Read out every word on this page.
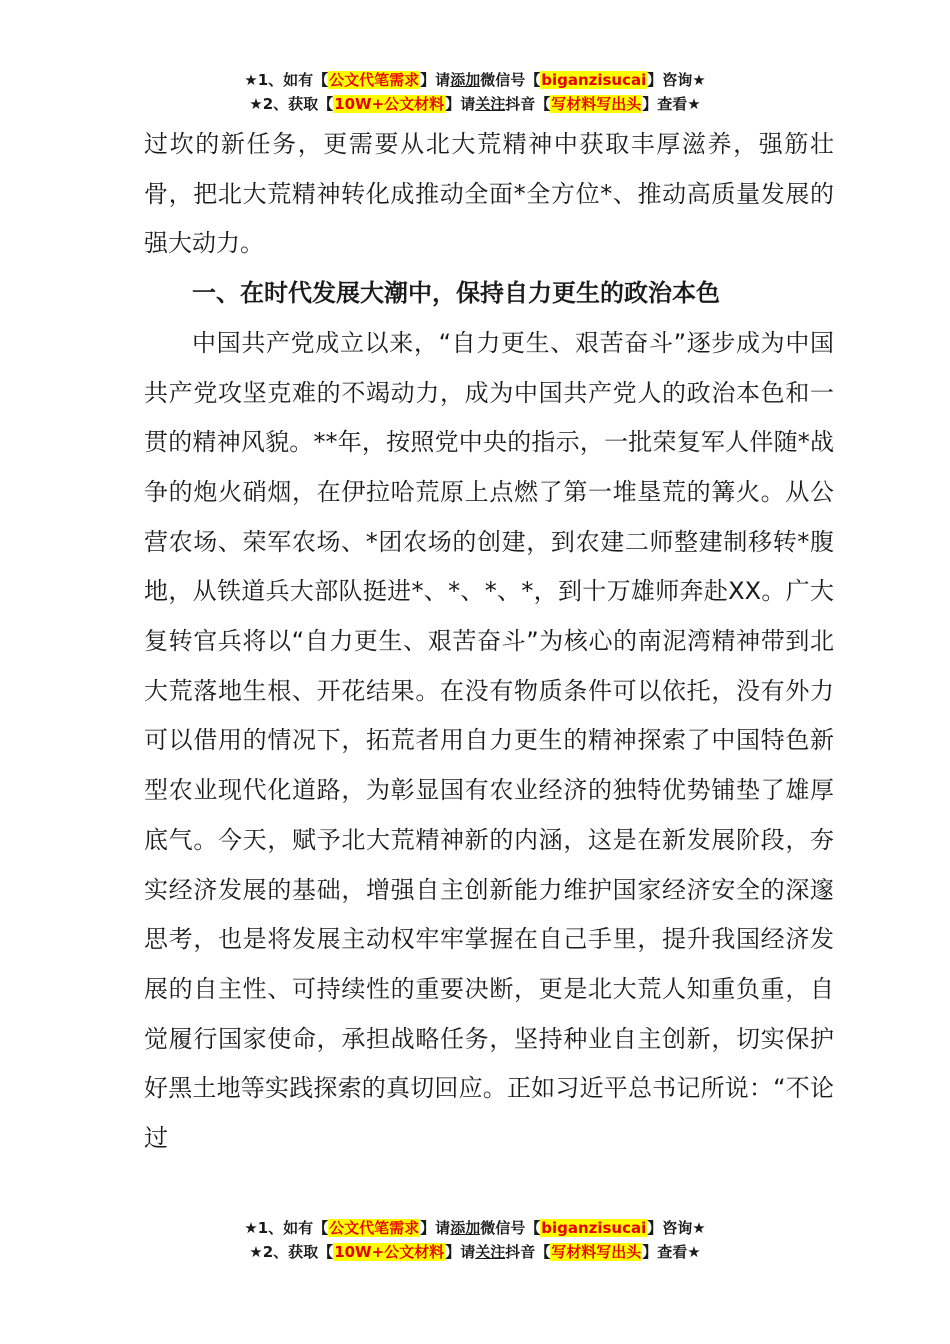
★1、如有【公文代笔需求】请添加微信号【biganzisucai】咨询★
★2、获取【10W+公文材料】请关注抖音【写材料写出头】查看★

过坎的新任务，更需要从北大荒精神中获取丰厚滋养，强筋壮骨，把北大荒精神转化成推动全面*全方位*、推动高质量发展的强大动力。

一、在时代发展大潮中，保持自力更生的政治本色

中国共产党成立以来，“自力更生、艰苦奋斗”逐步成为中国共产党攻坚克难的不竭动力，成为中国共产党人的政治本色和一贯的精神风貌。**年，按照党中央的指示，一批荣复军人伴随*战争的炮火硝烟，在伊拉哈荒原上点燃了第一堆垦荒的篝火。从公营农场、荣军农场、*团农场的创建，到农建二师整建制移转*腹地，从铁道兵大部队挺进*、*、*、*，到十万雄师奔赴XX。广大复转官兵将以“自力更生、艰苦奋斗”为核心的南泥湾精神带到北大荒落地生根、开花结果。在没有物质条件可以依托，没有外力可以借用的情况下，拓荒者用自力更生的精神探索了中国特色新型农业现代化道路，为彰显国有农业经济的独特优势铺垫了雄厚底气。今天，赋予北大荒精神新的内涵，这是在新发展阶段，夯实经济发展的基础，增强自主创新能力维护国家经济安全的深邃思考，也是将发展主动权牢牢掌握在自己手里，提升我国经济发展的自主性、可持续性的重要决断，更是北大荒人知重负重，自觉履行国家使命，承担战略任务，坚持种业自主创新，切实保护好黑土地等实践探索的真切回应。正如习近平总书记所说：“不论过

★1、如有【公文代笔需求】请添加微信号【biganzisucai】咨询★
★2、获取【10W+公文材料】请关注抖音【写材料写出头】查看★
